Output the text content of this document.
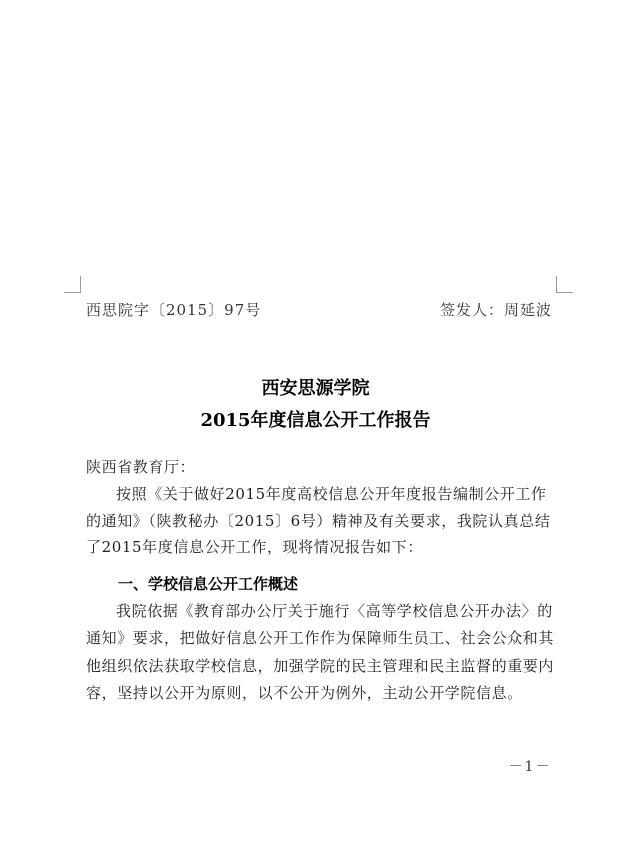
西思院字〔2015〕97号	签发人：周延波
西安思源学院
2015年度信息公开工作报告
陕西省教育厅：
按照《关于做好2015年度高校信息公开年度报告编制公开工作的通知》（陕教秘办〔2015〕6号）精神及有关要求，我院认真总结了2015年度信息公开工作，现将情况报告如下：
一、学校信息公开工作概述
我院依据《教育部办公厅关于施行〈高等学校信息公开办法〉的通知》要求，把做好信息公开工作作为保障师生员工、社会公众和其他组织依法获取学校信息，加强学院的民主管理和民主监督的重要内容，坚持以公开为原则，以不公开为例外，主动公开学院信息。
－1－
